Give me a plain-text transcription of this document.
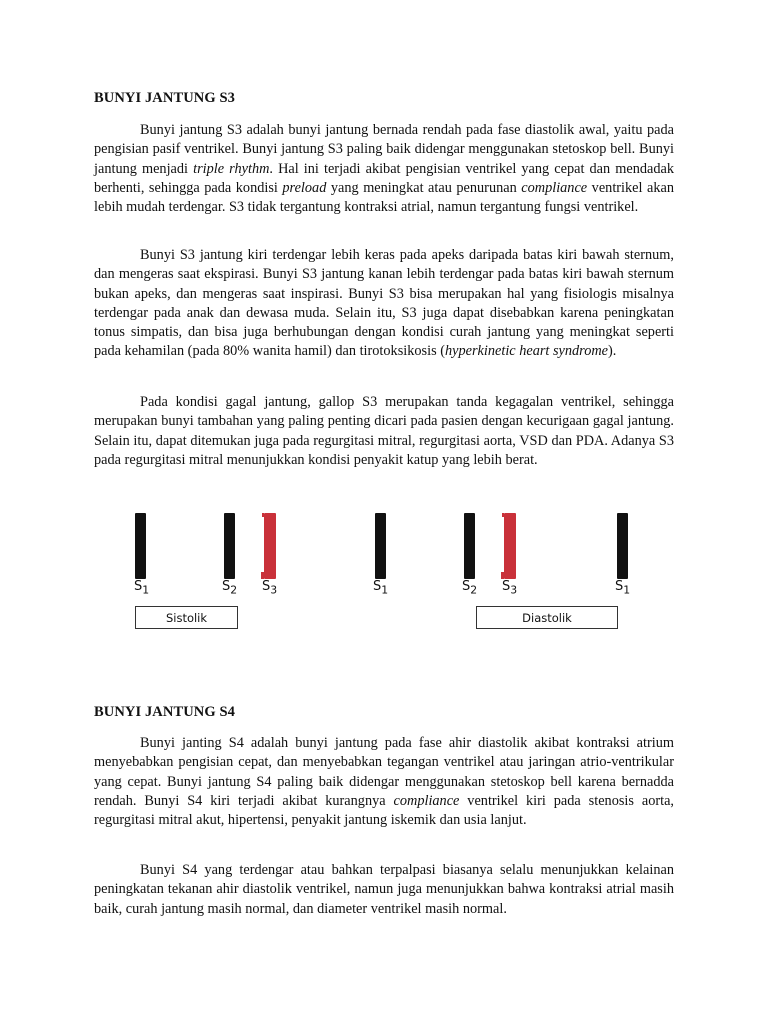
BUNYI JANTUNG S3

Bunyi jantung S3 adalah bunyi jantung bernada rendah pada fase diastolik awal, yaitu pada pengisian pasif ventrikel. Bunyi jantung S3 paling baik didengar menggunakan stetoskop bell. Bunyi jantung menjadi triple rhythm. Hal ini terjadi akibat pengisian ventrikel yang cepat dan mendadak berhenti, sehingga pada kondisi preload yang meningkat atau penurunan compliance ventrikel akan lebih mudah terdengar. S3 tidak tergantung kontraksi atrial, namun tergantung fungsi ventrikel.

Bunyi S3 jantung kiri terdengar lebih keras pada apeks daripada batas kiri bawah sternum, dan mengeras saat ekspirasi. Bunyi S3 jantung kanan lebih terdengar pada batas kiri bawah sternum bukan apeks, dan mengeras saat inspirasi. Bunyi S3 bisa merupakan hal yang fisiologis misalnya terdengar pada anak dan dewasa muda. Selain itu, S3 juga dapat disebabkan karena peningkatan tonus simpatis, dan bisa juga berhubungan dengan kondisi curah jantung yang meningkat seperti pada kehamilan (pada 80% wanita hamil) dan tirotoksikosis (hyperkinetic heart syndrome).

Pada kondisi gagal jantung, gallop S3 merupakan tanda kegagalan ventrikel, sehingga merupakan bunyi tambahan yang paling penting dicari pada pasien dengan kecurigaan gagal jantung. Selain itu, dapat ditemukan juga pada regurgitasi mitral, regurgitasi aorta, VSD dan PDA. Adanya S3 pada regurgitasi mitral menunjukkan kondisi penyakit katup yang lebih berat.

$S_1$	$S_2$ $S_3$	$S_1$	$S_2$ $S_3$	$S_1$
Sistolik	Diastolik
BUNYI JANTUNG S4

Bunyi janting S4 adalah bunyi jantung pada fase ahir diastolik akibat kontraksi atrium menyebabkan pengisian cepat, dan menyebabkan tegangan ventrikel atau jaringan atrio-ventrikular yang cepat. Bunyi jantung S4 paling baik didengar menggunakan stetoskop bell karena bernadda rendah. Bunyi S4 kiri terjadi akibat kurangnya compliance ventrikel kiri pada stenosis aorta, regurgitasi mitral akut, hipertensi, penyakit jantung iskemik dan usia lanjut.

Bunyi S4 yang terdengar atau bahkan terpalpasi biasanya selalu menunjukkan kelainan peningkatan tekanan ahir diastolik ventrikel, namun juga menunjukkan bahwa kontraksi atrial masih baik, curah jantung masih normal, dan diameter ventrikel masih normal.
